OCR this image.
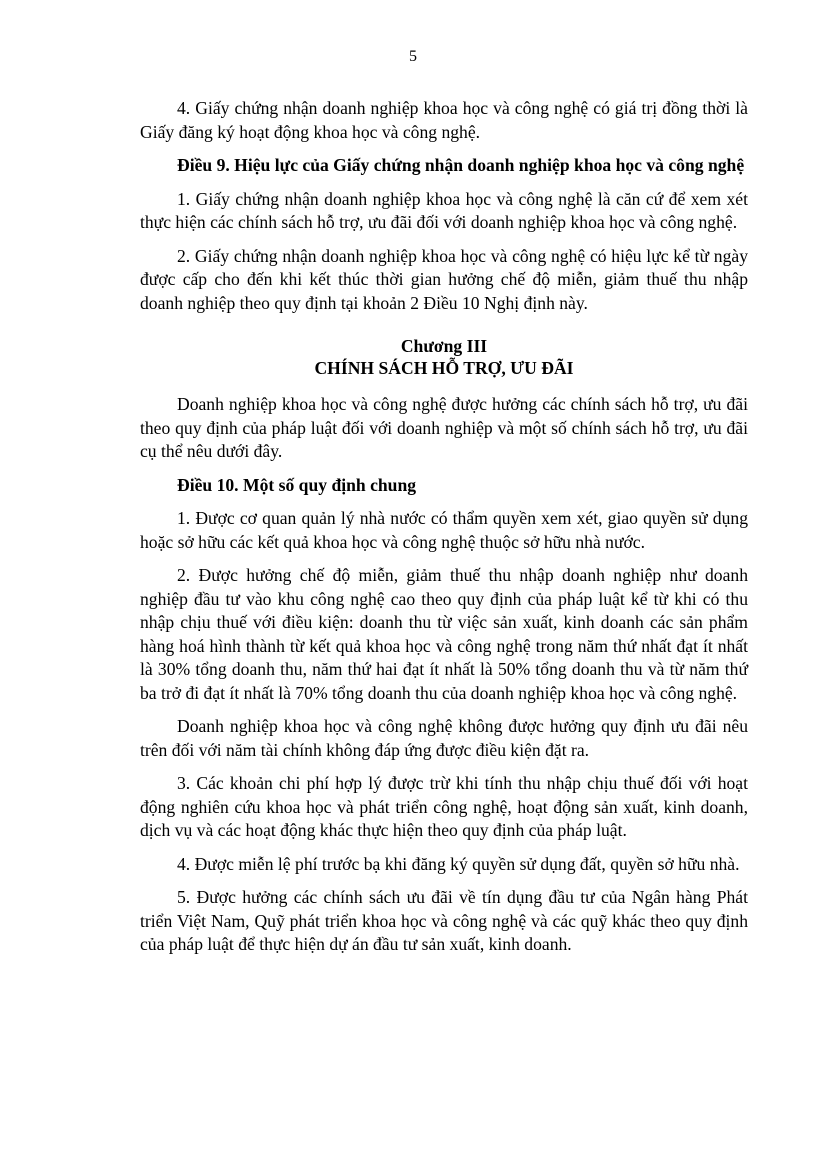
5

4. Giấy chứng nhận doanh nghiệp khoa học và công nghệ có giá trị đồng thời là Giấy đăng ký hoạt động khoa học và công nghệ.

Điều 9. Hiệu lực của Giấy chứng nhận doanh nghiệp khoa học và công nghệ

1. Giấy chứng nhận doanh nghiệp khoa học và công nghệ là căn cứ để xem xét thực hiện các chính sách hỗ trợ, ưu đãi đối với doanh nghiệp khoa học và công nghệ.

2. Giấy chứng nhận doanh nghiệp khoa học và công nghệ có hiệu lực kể từ ngày được cấp cho đến khi kết thúc thời gian hưởng chế độ miễn, giảm thuế thu nhập doanh nghiệp theo quy định tại khoản 2 Điều 10 Nghị định này.

Chương III
CHÍNH SÁCH HỖ TRỢ, ƯU ĐÃI

Doanh nghiệp khoa học và công nghệ được hưởng các chính sách hỗ trợ, ưu đãi theo quy định của pháp luật đối với doanh nghiệp và một số chính sách hỗ trợ, ưu đãi cụ thể nêu dưới đây.

Điều 10. Một số quy định chung

1. Được cơ quan quản lý nhà nước có thẩm quyền xem xét, giao quyền sử dụng hoặc sở hữu các kết quả khoa học và công nghệ thuộc sở hữu nhà nước.

2. Được hưởng chế độ miễn, giảm thuế thu nhập doanh nghiệp như doanh nghiệp đầu tư vào khu công nghệ cao theo quy định của pháp luật kể từ khi có thu nhập chịu thuế với điều kiện: doanh thu từ việc sản xuất, kinh doanh các sản phẩm hàng hoá hình thành từ kết quả khoa học và công nghệ trong năm thứ nhất đạt ít nhất là 30% tổng doanh thu, năm thứ hai đạt ít nhất là 50% tổng doanh thu và từ năm thứ ba trở đi đạt ít nhất là 70% tổng doanh thu của doanh nghiệp khoa học và công nghệ.

Doanh nghiệp khoa học và công nghệ không được hưởng quy định ưu đãi nêu trên đối với năm tài chính không đáp ứng được điều kiện đặt ra.

3. Các khoản chi phí hợp lý được trừ khi tính thu nhập chịu thuế đối với hoạt động nghiên cứu khoa học và phát triển công nghệ, hoạt động sản xuất, kinh doanh, dịch vụ và các hoạt động khác thực hiện theo quy định của pháp luật.

4. Được miễn lệ phí trước bạ khi đăng ký quyền sử dụng đất, quyền sở hữu nhà.

5. Được hưởng các chính sách ưu đãi về tín dụng đầu tư của Ngân hàng Phát triển Việt Nam, Quỹ phát triển khoa học và công nghệ và các quỹ khác theo quy định của pháp luật để thực hiện dự án đầu tư sản xuất, kinh doanh.
